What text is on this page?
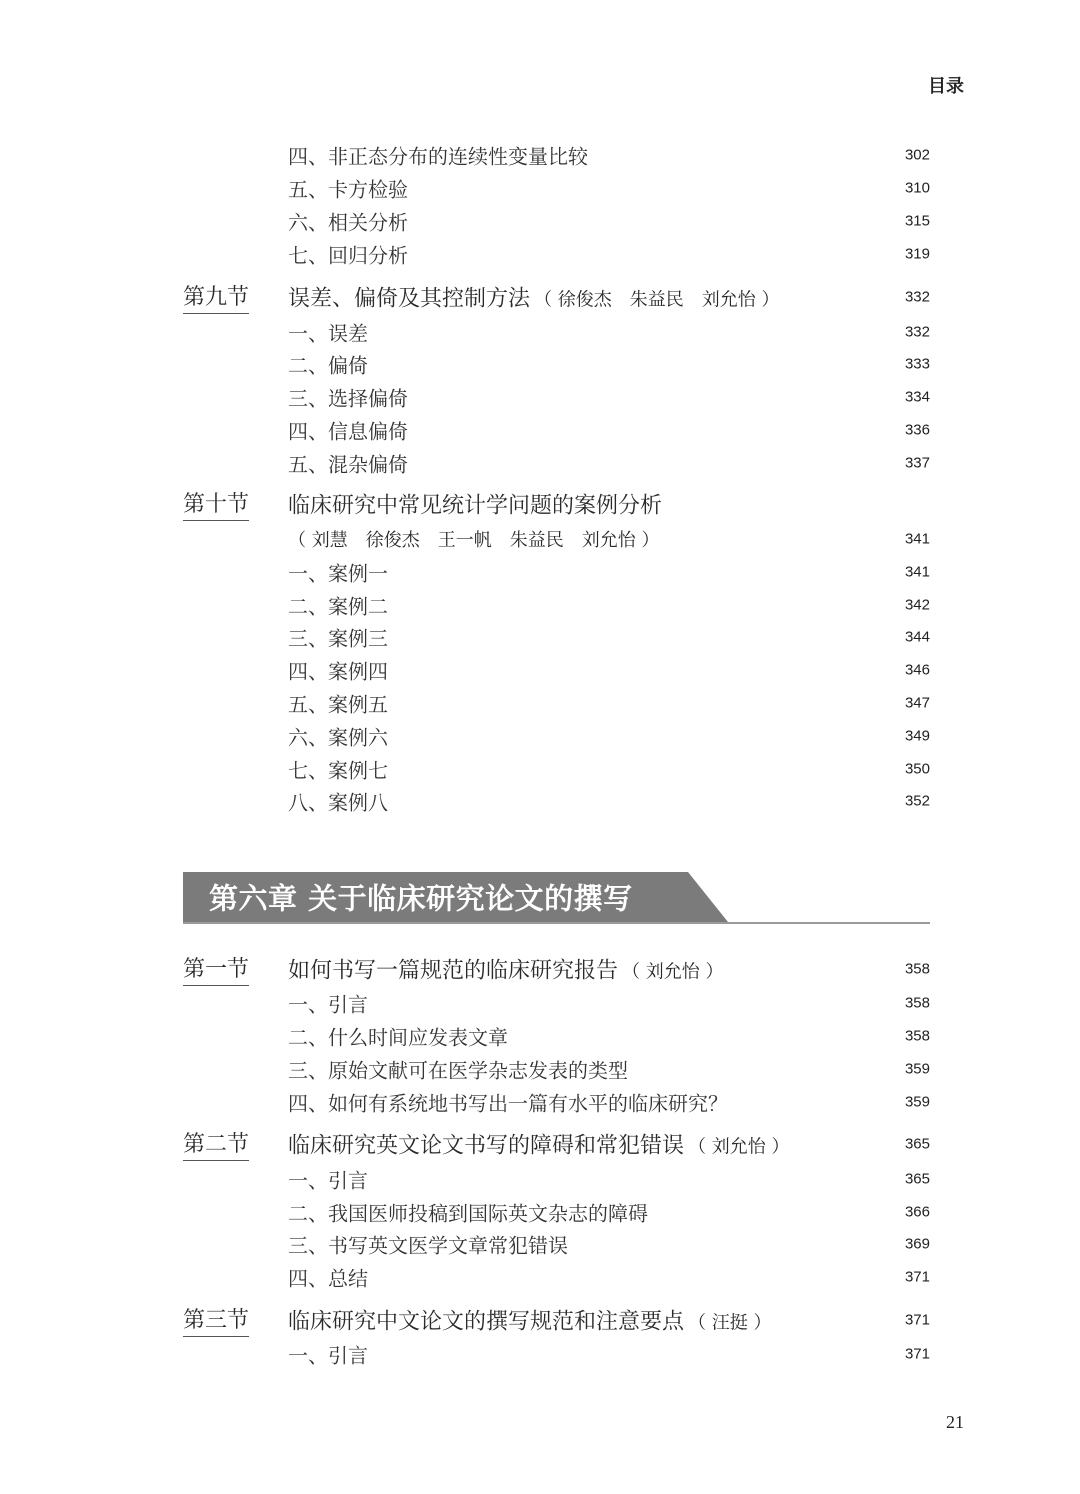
目录
四、非正态分布的连续性变量比较	302
五、卡方检验	310
六、相关分析	315
七、回归分析	319
第九节 误差、偏倚及其控制方法 （ 徐俊杰　朱益民　刘允怡 ）	332
一、误差	332
二、偏倚	333
三、选择偏倚	334
四、信息偏倚	336
五、混杂偏倚	337
第十节 临床研究中常见统计学问题的案例分析
（ 刘慧　徐俊杰　王一帆　朱益民　刘允怡 ）	341
一、案例一	341
二、案例二	342
三、案例三	344
四、案例四	346
五、案例五	347
六、案例六	349
七、案例七	350
八、案例八	352
第六章 关于临床研究论文的撰写
第一节 如何书写一篇规范的临床研究报告 （ 刘允怡 ）	358
一、引言	358
二、什么时间应发表文章	358
三、原始文献可在医学杂志发表的类型	359
四、如何有系统地书写出一篇有水平的临床研究？	359
第二节 临床研究英文论文书写的障碍和常犯错误 （ 刘允怡 ）	365
一、引言	365
二、我国医师投稿到国际英文杂志的障碍	366
三、书写英文医学文章常犯错误	369
四、总结	371
第三节 临床研究中文论文的撰写规范和注意要点 （ 汪挺 ）	371
一、引言	371
21
